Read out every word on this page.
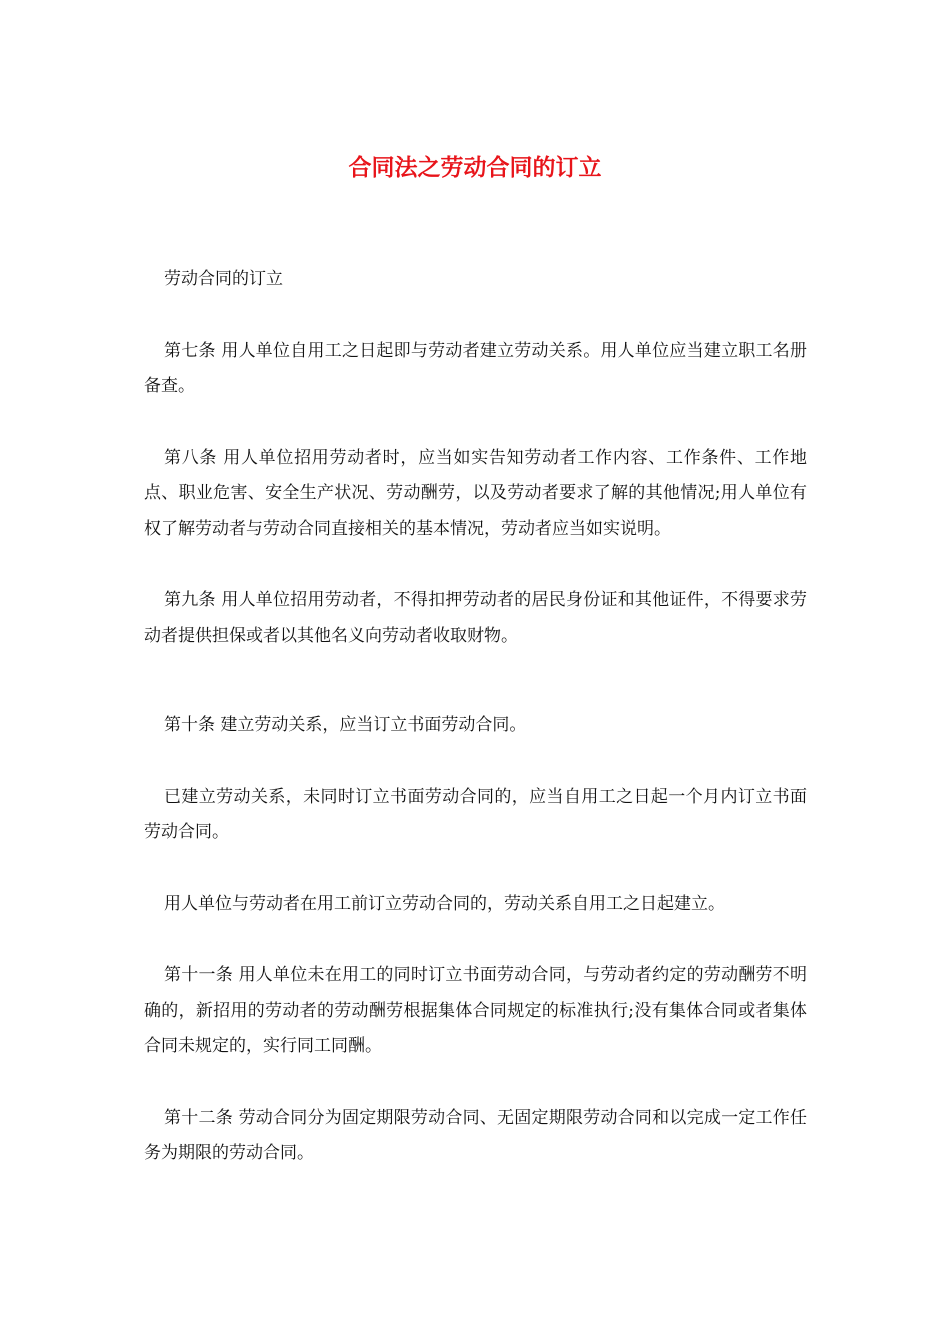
合同法之劳动合同的订立

劳动合同的订立

第七条 用人单位自用工之日起即与劳动者建立劳动关系。用人单位应当建立职工名册备查。

第八条 用人单位招用劳动者时，应当如实告知劳动者工作内容、工作条件、工作地点、职业危害、安全生产状况、劳动酬劳，以及劳动者要求了解的其他情况;用人单位有权了解劳动者与劳动合同直接相关的基本情况，劳动者应当如实说明。

第九条 用人单位招用劳动者，不得扣押劳动者的居民身份证和其他证件，不得要求劳动者提供担保或者以其他名义向劳动者收取财物。

第十条 建立劳动关系，应当订立书面劳动合同。

已建立劳动关系，未同时订立书面劳动合同的，应当自用工之日起一个月内订立书面劳动合同。

用人单位与劳动者在用工前订立劳动合同的，劳动关系自用工之日起建立。

第十一条 用人单位未在用工的同时订立书面劳动合同，与劳动者约定的劳动酬劳不明确的，新招用的劳动者的劳动酬劳根据集体合同规定的标准执行;没有集体合同或者集体合同未规定的，实行同工同酬。

第十二条 劳动合同分为固定期限劳动合同、无固定期限劳动合同和以完成一定工作任务为期限的劳动合同。
